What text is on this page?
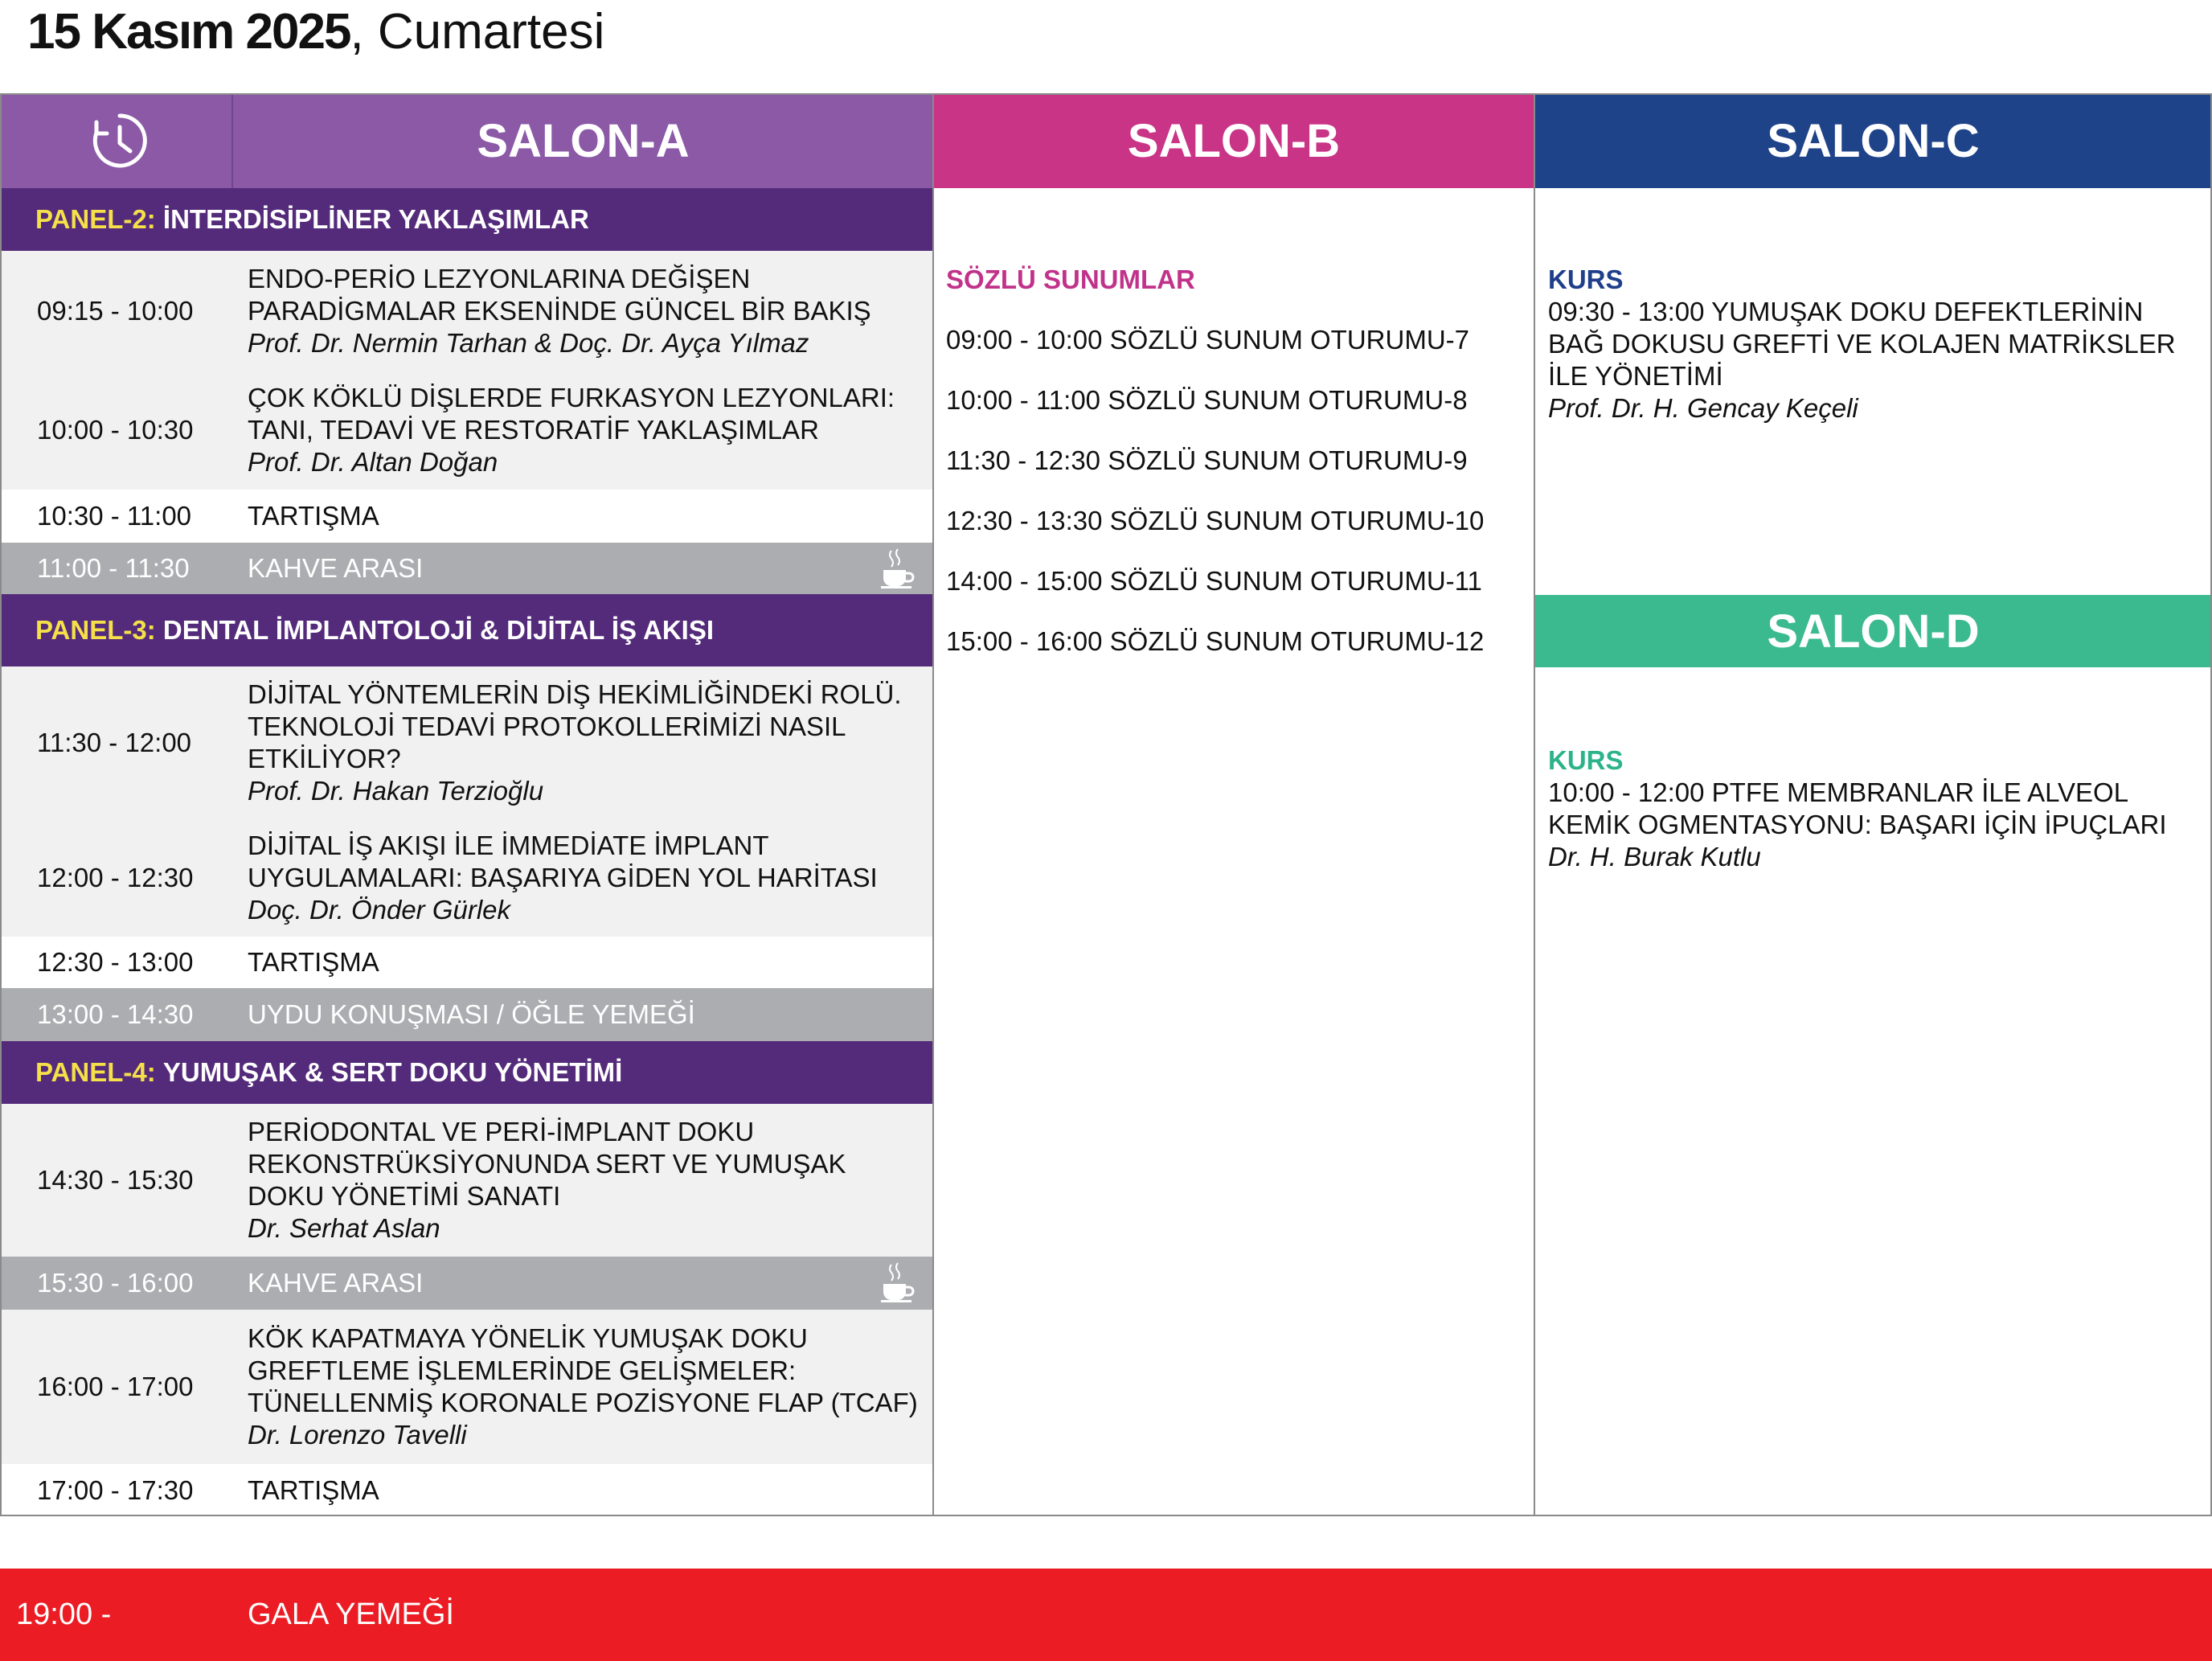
15 Kasım 2025, Cumartesi
SALON-A	SALON-B	SALON-C
PANEL-2:
İNTERDİSİPLİNER YAKLAŞIMLAR
09:15 - 10:00
ENDO-PERİO LEZYONLARINA DEĞİŞEN PARADİGMALAR EKSENİNDE GÜNCEL BİR BAKIŞ
Prof. Dr. Nermin Tarhan & Doç. Dr. Ayça Yılmaz
10:00 - 10:30
ÇOK KÖKLÜ DİŞLERDE FURKASYON LEZYONLARI: TANI, TEDAVİ VE RESTORATİF YAKLAŞIMLAR
Prof. Dr. Altan Doğan
10:30 - 11:00 TARTIŞMA
11:00 - 11:30 KAHVE ARASI
PANEL-3:
DENTAL İMPLANTOLOJİ & DİJİTAL İŞ AKIŞI
11:30 - 12:00
DİJİTAL YÖNTEMLERİN DİŞ HEKİMLİĞİNDEKİ ROLÜ. TEKNOLOJİ TEDAVİ PROTOKOLLERİMİZİ NASIL ETKİLİYOR?
Prof. Dr. Hakan Terzioğlu
12:00 - 12:30
DİJİTAL İŞ AKIŞI İLE İMMEDİATE İMPLANT UYGULAMALARI: BAŞARIYA GİDEN YOL HARİTASI
Doç. Dr. Önder Gürlek
12:30 - 13:00 TARTIŞMA
13:00 - 14:30 UYDU KONUŞMASI / ÖĞLE YEMEĞİ
PANEL-4:
YUMUŞAK & SERT DOKU YÖNETİMİ
14:30 - 15:30
PERİODONTAL VE PERİ-İMPLANT DOKU REKONSTRÜKSİYONUNDA SERT VE YUMUŞAK DOKU YÖNETİMİ SANATI
Dr. Serhat Aslan
15:30 - 16:00 KAHVE ARASI
16:00 - 17:00
KÖK KAPATMAYA YÖNELİK YUMUŞAK DOKU GREFTLEME İŞLEMLERİNDE GELİŞMELER: TÜNELLENMİŞ KORONALE POZİSYONE FLAP (TCAF)
Dr. Lorenzo Tavelli
17:00 - 17:30 TARTIŞMA
SÖZLÜ SUNUMLAR
09:00 - 10:00 SÖZLÜ SUNUM OTURUMU-7
10:00 - 11:00 SÖZLÜ SUNUM OTURUMU-8
11:30 - 12:30 SÖZLÜ SUNUM OTURUMU-9
12:30 - 13:30 SÖZLÜ SUNUM OTURUMU-10
14:00 - 15:00 SÖZLÜ SUNUM OTURUMU-11
15:00 - 16:00 SÖZLÜ SUNUM OTURUMU-12
KURS
09:30 - 13:00 YUMUŞAK DOKU DEFEKTLERİNİN BAĞ DOKUSU GREFTİ VE KOLAJEN MATRİKSLER İLE YÖNETİMİ
Prof. Dr. H. Gencay Keçeli
SALON-D
KURS
10:00 - 12:00 PTFE MEMBRANLAR İLE ALVEOL KEMİK OGMENTASYONU: BAŞARI İÇİN İPUÇLARI
Dr. H. Burak Kutlu
19:00 -	GALA YEMEĞİ
